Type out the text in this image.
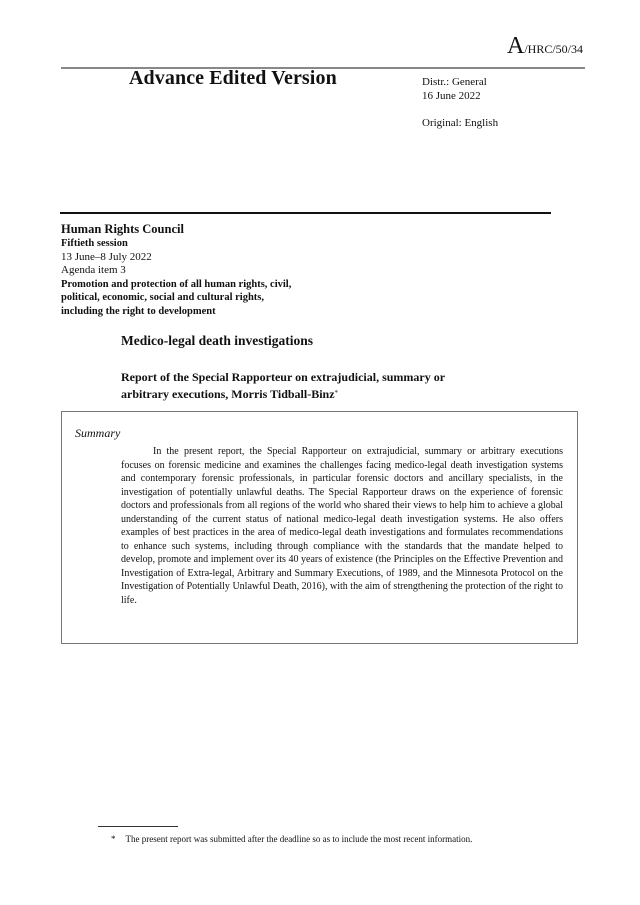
A/HRC/50/34
Advance Edited Version	Distr.: General
16 June 2022
Original: English
Human Rights Council
Fiftieth session
13 June–8 July 2022
Agenda item 3
Promotion and protection of all human rights, civil,
political, economic, social and cultural rights,
including the right to development
Medico-legal death investigations
Report of the Special Rapporteur on extrajudicial, summary or
arbitrary executions, Morris Tidball-Binz*
Summary

In the present report, the Special Rapporteur on extrajudicial, summary or arbitrary executions focuses on forensic medicine and examines the challenges facing medico-legal death investigation systems and contemporary forensic professionals, in particular forensic doctors and ancillary specialists, in the investigation of potentially unlawful deaths. The Special Rapporteur draws on the experience of forensic doctors and professionals from all regions of the world who shared their views to help him to achieve a global understanding of the current status of national medico-legal death investigation systems. He also offers examples of best practices in the area of medico-legal death investigations and formulates recommendations to enhance such systems, including through compliance with the standards that the mandate helped to develop, promote and implement over its 40 years of existence (the Principles on the Effective Prevention and Investigation of Extra-legal, Arbitrary and Summary Executions, of 1989, and the Minnesota Protocol on the Investigation of Potentially Unlawful Death, 2016), with the aim of strengthening the protection of the right to life.

* The present report was submitted after the deadline so as to include the most recent information.
